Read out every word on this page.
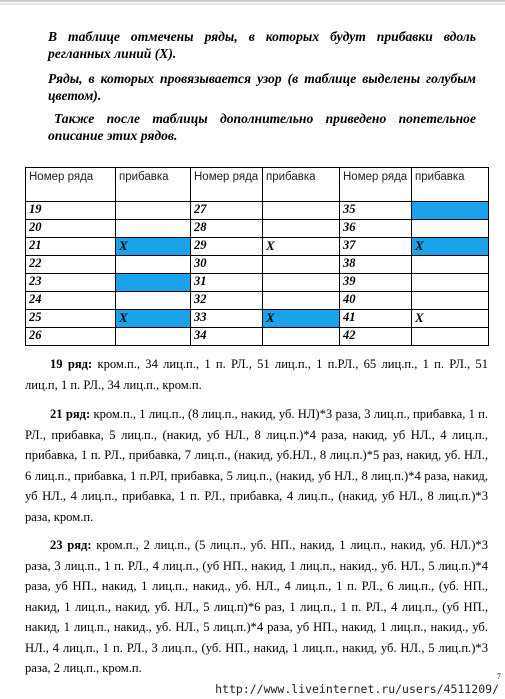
В таблице отмечены ряды, в которых будут прибавки вдоль регланных линий (Х).

Ряды, в которых провязывается узор (в таблице выделены голубым цветом).

Также после таблицы дополнительно приведено попетельное описание этих рядов.

Номер ряда	прибавка	Номер ряда	прибавка	Номер ряда	прибавка
19		27		35	
20		28		36	
21	X	29	X	37	X
22		30		38	
23		31		39	
24		32		40	
25	X	33	X	41	X
26		34		42	

19 ряд: кром.п., 34 лиц.п., 1 п. РЛ., 51 лиц.п., 1 п.РЛ., 65 лиц.п., 1 п. РЛ., 51 лиц.п, 1 п. РЛ., 34 лиц.п., кром.п.

21 ряд: кром.п., 1 лиц.п., (8 лиц.п., накид, уб. НЛ)*3 раза, 3 лиц.п., прибавка, 1 п. РЛ., прибавка, 5 лиц.п., (накид, уб НЛ., 8 лиц.п.)*4 раза, накид, уб НЛ., 4 лиц.п., прибавка, 1 п. РЛ., прибавка, 7 лиц.п., (накид, уб.НЛ., 8 лиц.п.)*5 раз, накид, уб. НЛ., 6 лиц.п., прибавка, 1 п.РЛ, прибавка, 5 лиц.п., (накид, уб НЛ., 8 лиц.п.)*4 раза, накид, уб НЛ., 4 лиц.п., прибавка, 1 п. РЛ., прибавка, 4 лиц.п., (накид, уб НЛ., 8 лиц.п.)*3 раза, кром.п.

23 ряд: кром.п., 2 лиц.п., (5 лиц.п., уб. НП., накид, 1 лиц.п., накид, уб. НЛ.)*3 раза, 3 лиц.п., 1 п. РЛ., 4 лиц.п., (уб НП., накид, 1 лиц.п., накид., уб. НЛ., 5 лиц.п.)*4 раза, уб НП., накид, 1 лиц.п., накид., уб. НЛ., 4 лиц.п., 1 п. РЛ., 6 лиц.п., (уб. НП., накид, 1 лиц.п., накид, уб. НЛ., 5 лиц.п)*6 раз, 1 лиц.п., 1 п. РЛ., 4 лиц.п., (уб НП., накид, 1 лиц.п., накид., уб. НЛ., 5 лиц.п.)*4 раза, уб НП., накид, 1 лиц.п., накид., уб. НЛ., 4 лиц.п., 1 п. РЛ., 3 лиц.п., (уб. НП., накид, 1 лиц.п., накид, уб. НЛ., 5 лиц.п.)*3 раза, 2 лиц.п., кром.п.

7
http://www.liveinternet.ru/users/4511209/
